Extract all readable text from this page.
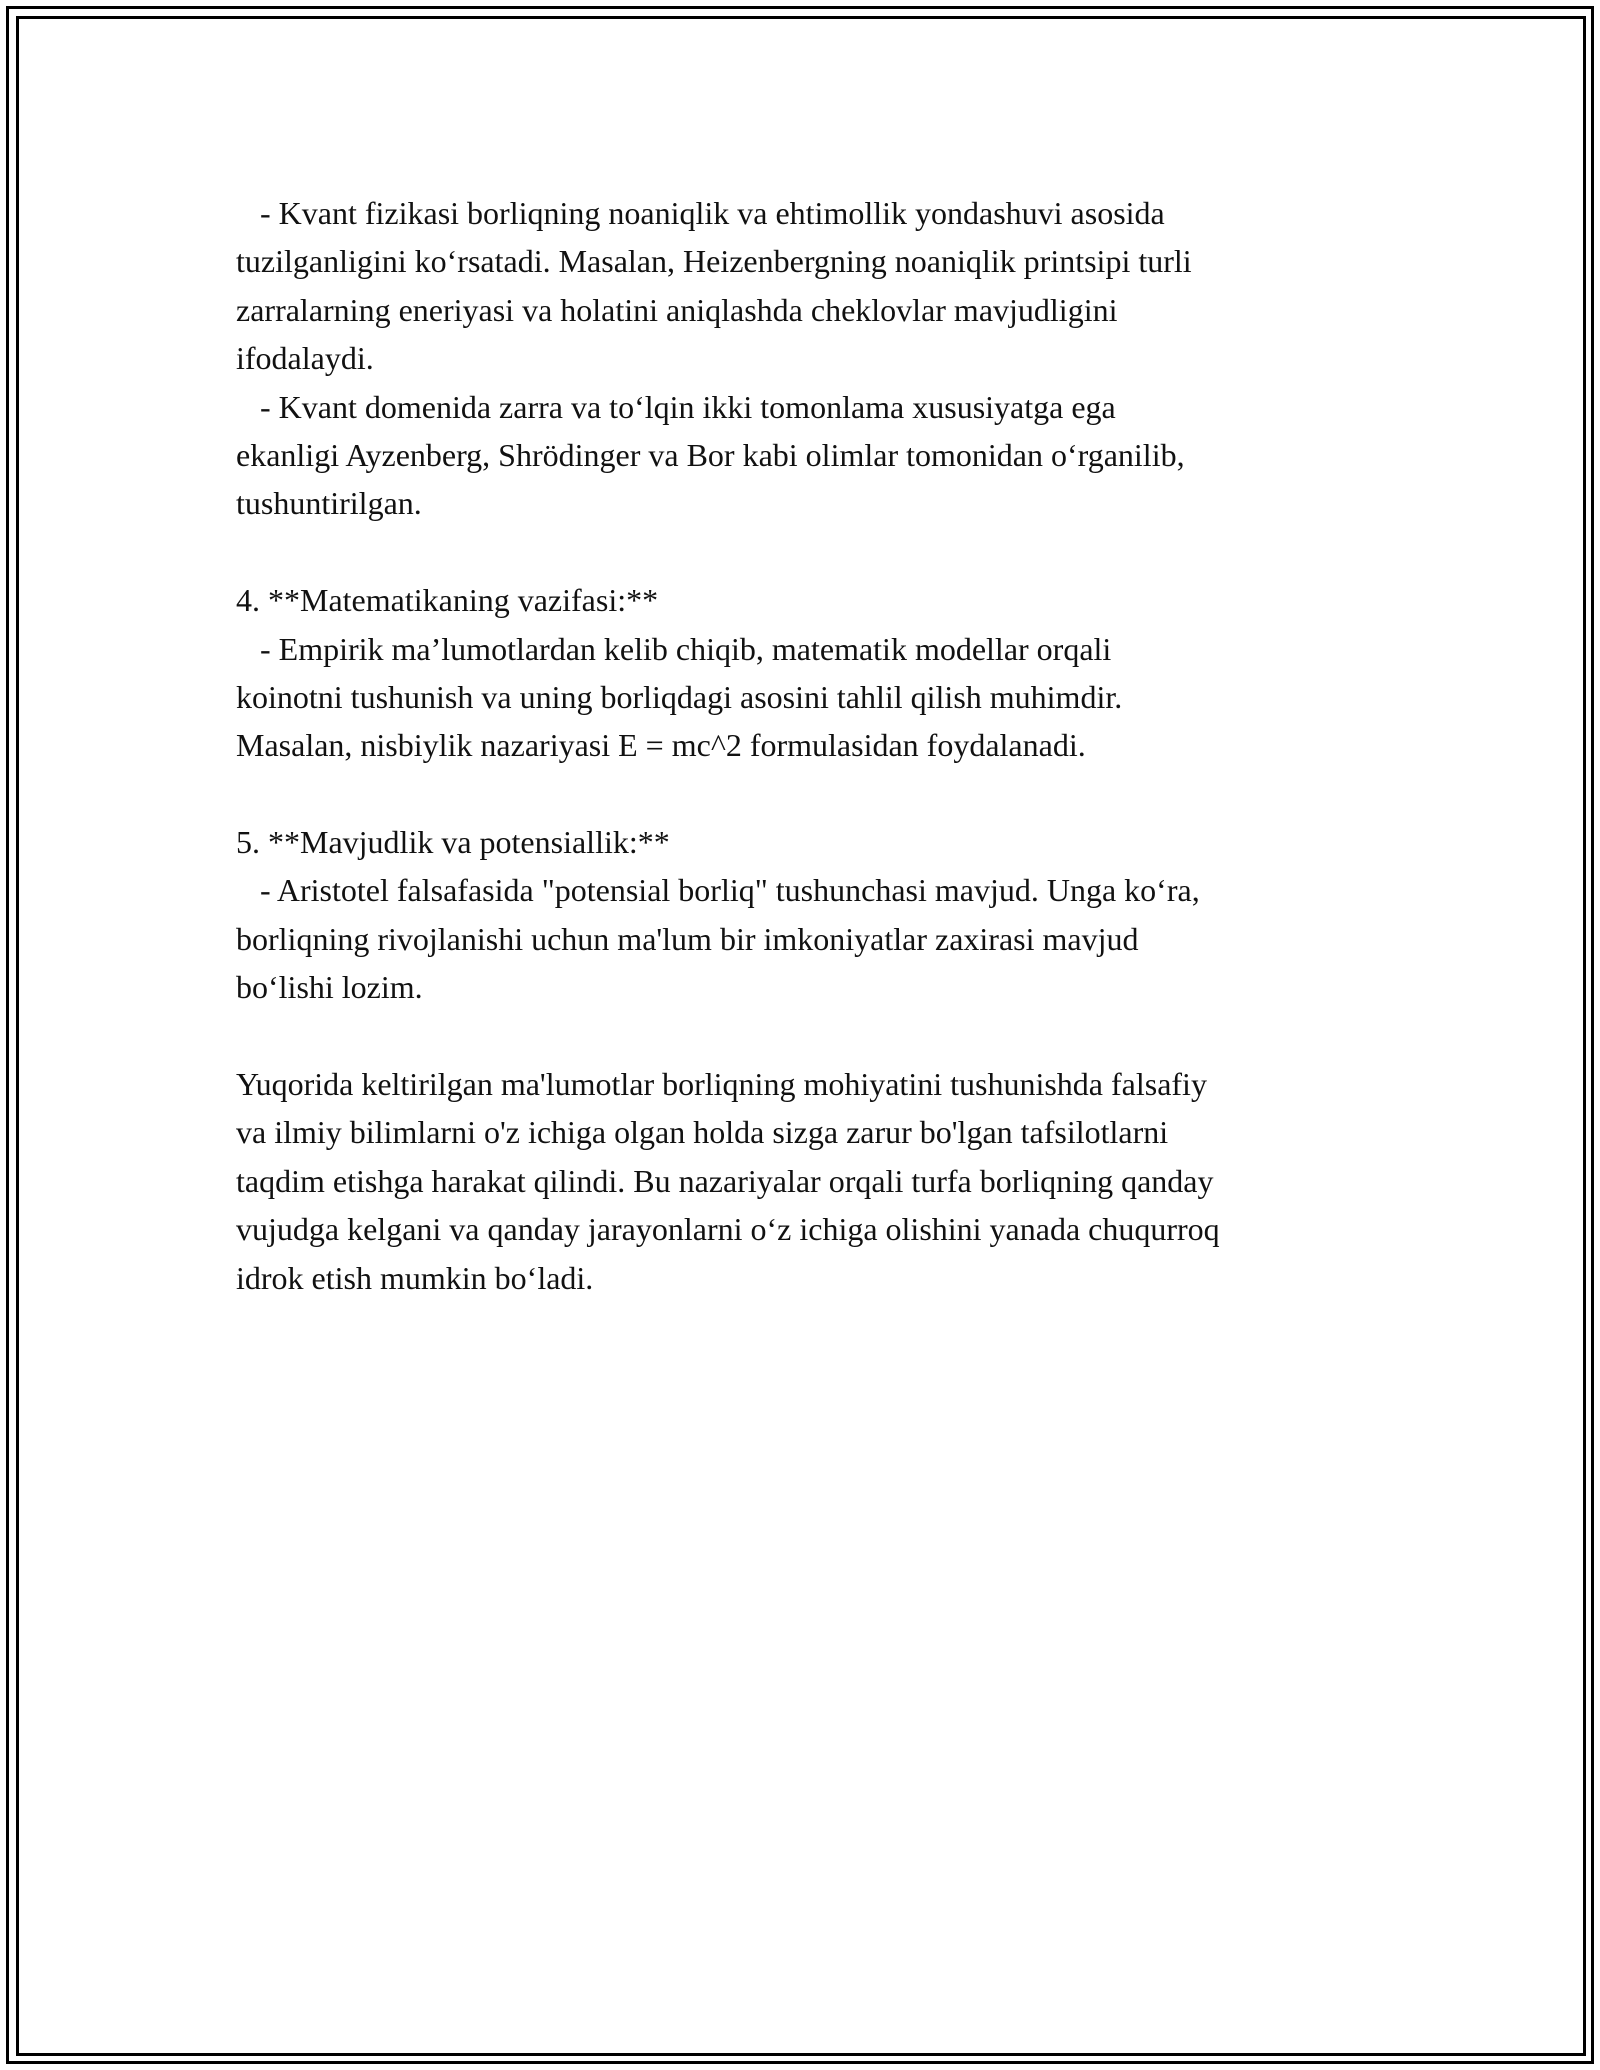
- Kvant fizikasi borliqning noaniqlik va ehtimollik yondashuvi asosida
tuzilganligini ko‘rsatadi. Masalan, Heizenbergning noaniqlik printsipi turli
zarralarning eneriyasi va holatini aniqlashda cheklovlar mavjudligini
ifodalaydi.
- Kvant domenida zarra va to‘lqin ikki tomonlama xususiyatga ega
ekanligi Ayzenberg, Shrödinger va Bor kabi olimlar tomonidan o‘rganilib,
tushuntirilgan.
4. **Matematikaning vazifasi:**
- Empirik ma’lumotlardan kelib chiqib, matematik modellar orqali
koinotni tushunish va uning borliqdagi asosini tahlil qilish muhimdir.
Masalan, nisbiylik nazariyasi E = mc^2 formulasidan foydalanadi.
5. **Mavjudlik va potensiallik:**
- Aristotel falsafasida "potensial borliq" tushunchasi mavjud. Unga ko‘ra,
borliqning rivojlanishi uchun ma'lum bir imkoniyatlar zaxirasi mavjud
bo‘lishi lozim.
Yuqorida keltirilgan ma'lumotlar borliqning mohiyatini tushunishda falsafiy
va ilmiy bilimlarni o'z ichiga olgan holda sizga zarur bo'lgan tafsilotlarni
taqdim etishga harakat qilindi. Bu nazariyalar orqali turfa borliqning qanday
vujudga kelgani va qanday jarayonlarni o‘z ichiga olishini yanada chuqurroq
idrok etish mumkin bo‘ladi.
